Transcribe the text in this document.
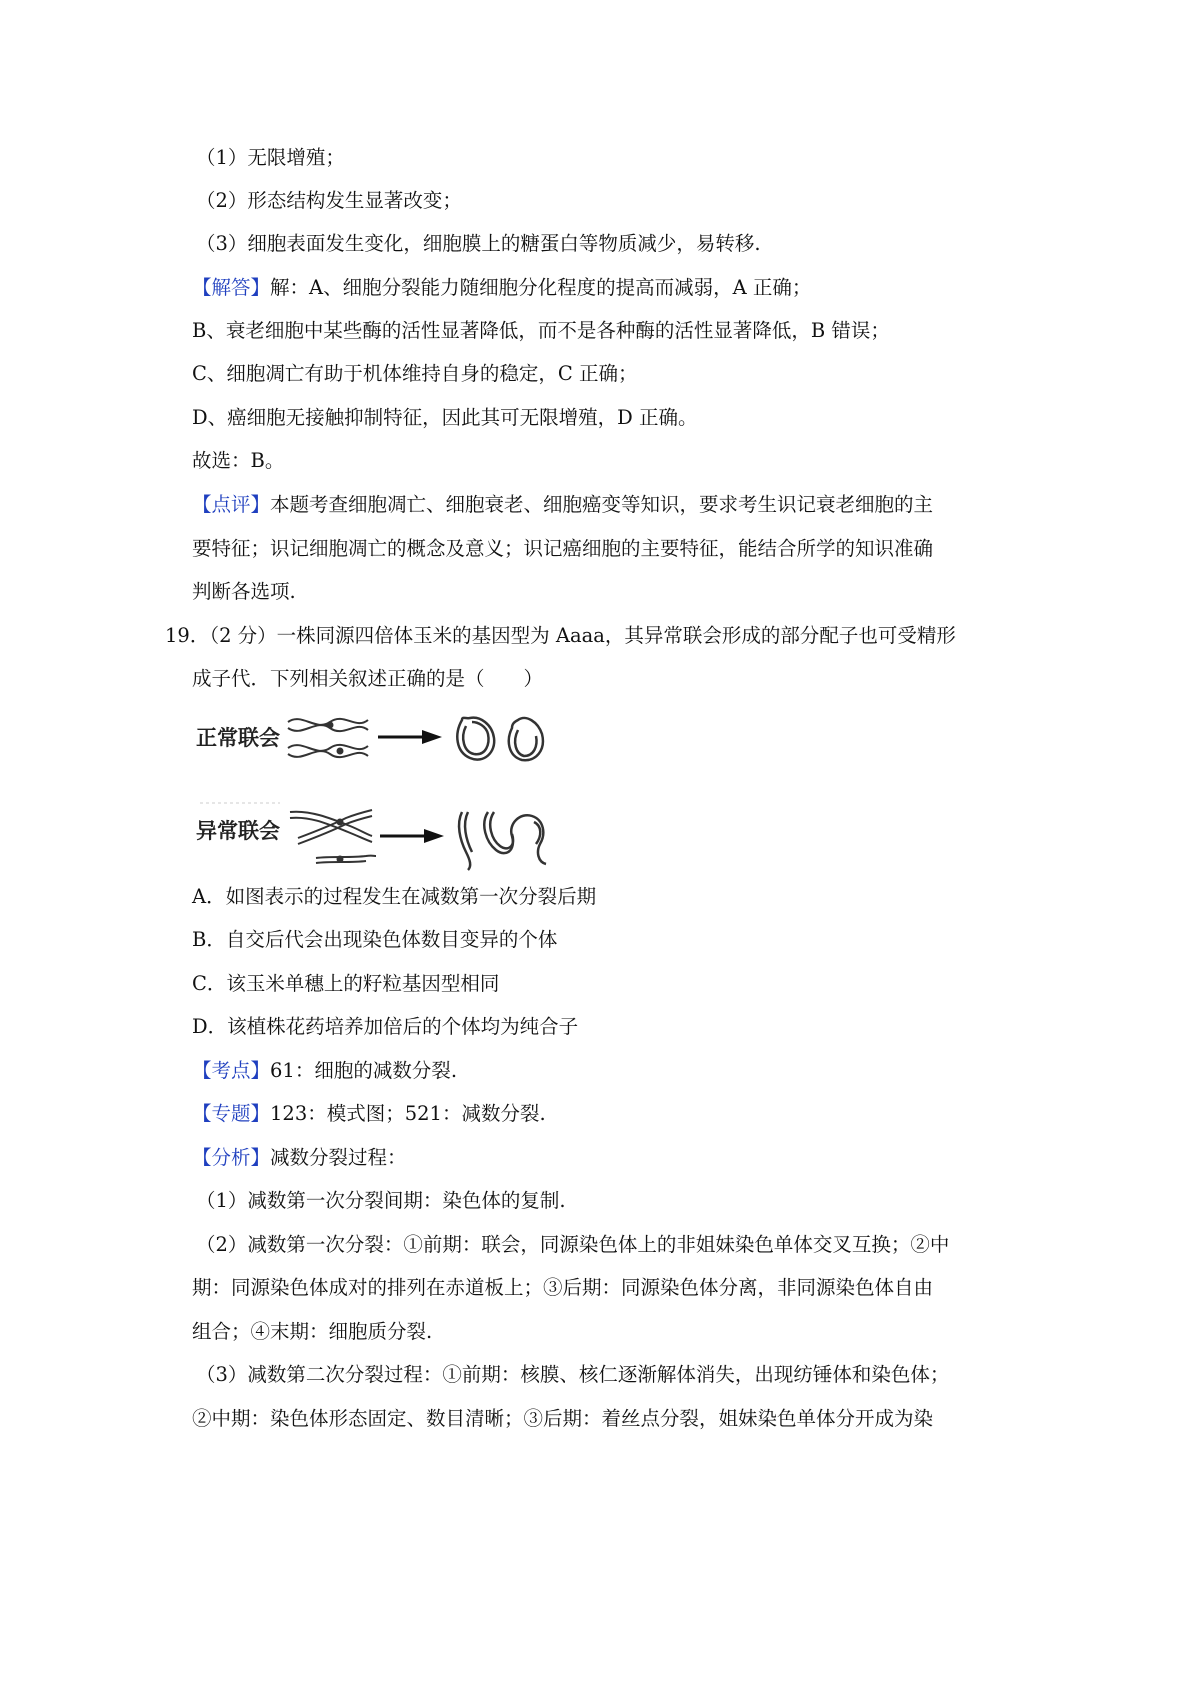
（1）无限增殖；
（2）形态结构发生显著改变；
（3）细胞表面发生变化，细胞膜上的糖蛋白等物质减少，易转移.
【解答】解：A、细胞分裂能力随细胞分化程度的提高而减弱，A 正确；
B、衰老细胞中某些酶的活性显著降低，而不是各种酶的活性显著降低，B 错误；
C、细胞凋亡有助于机体维持自身的稳定，C 正确；
D、癌细胞无接触抑制特征，因此其可无限增殖，D 正确。
故选：B。
【点评】本题考查细胞凋亡、细胞衰老、细胞癌变等知识，要求考生识记衰老细胞的主
要特征；识记细胞凋亡的概念及意义；识记癌细胞的主要特征，能结合所学的知识准确
判断各选项.
19．（2 分）一株同源四倍体玉米的基因型为 Aaaa，其异常联会形成的部分配子也可受精形
成子代．下列相关叙述正确的是（　　）
正常联会
异常联会
A．如图表示的过程发生在减数第一次分裂后期
B．自交后代会出现染色体数目变异的个体
C．该玉米单穗上的籽粒基因型相同
D．该植株花药培养加倍后的个体均为纯合子
【考点】61：细胞的减数分裂.
【专题】123：模式图；521：减数分裂.
【分析】减数分裂过程：
（1）减数第一次分裂间期：染色体的复制.
（2）减数第一次分裂：①前期：联会，同源染色体上的非姐妹染色单体交叉互换；②中
期：同源染色体成对的排列在赤道板上；③后期：同源染色体分离，非同源染色体自由
组合；④末期：细胞质分裂.
（3）减数第二次分裂过程：①前期：核膜、核仁逐渐解体消失，出现纺锤体和染色体；
②中期：染色体形态固定、数目清晰；③后期：着丝点分裂，姐妹染色单体分开成为染
